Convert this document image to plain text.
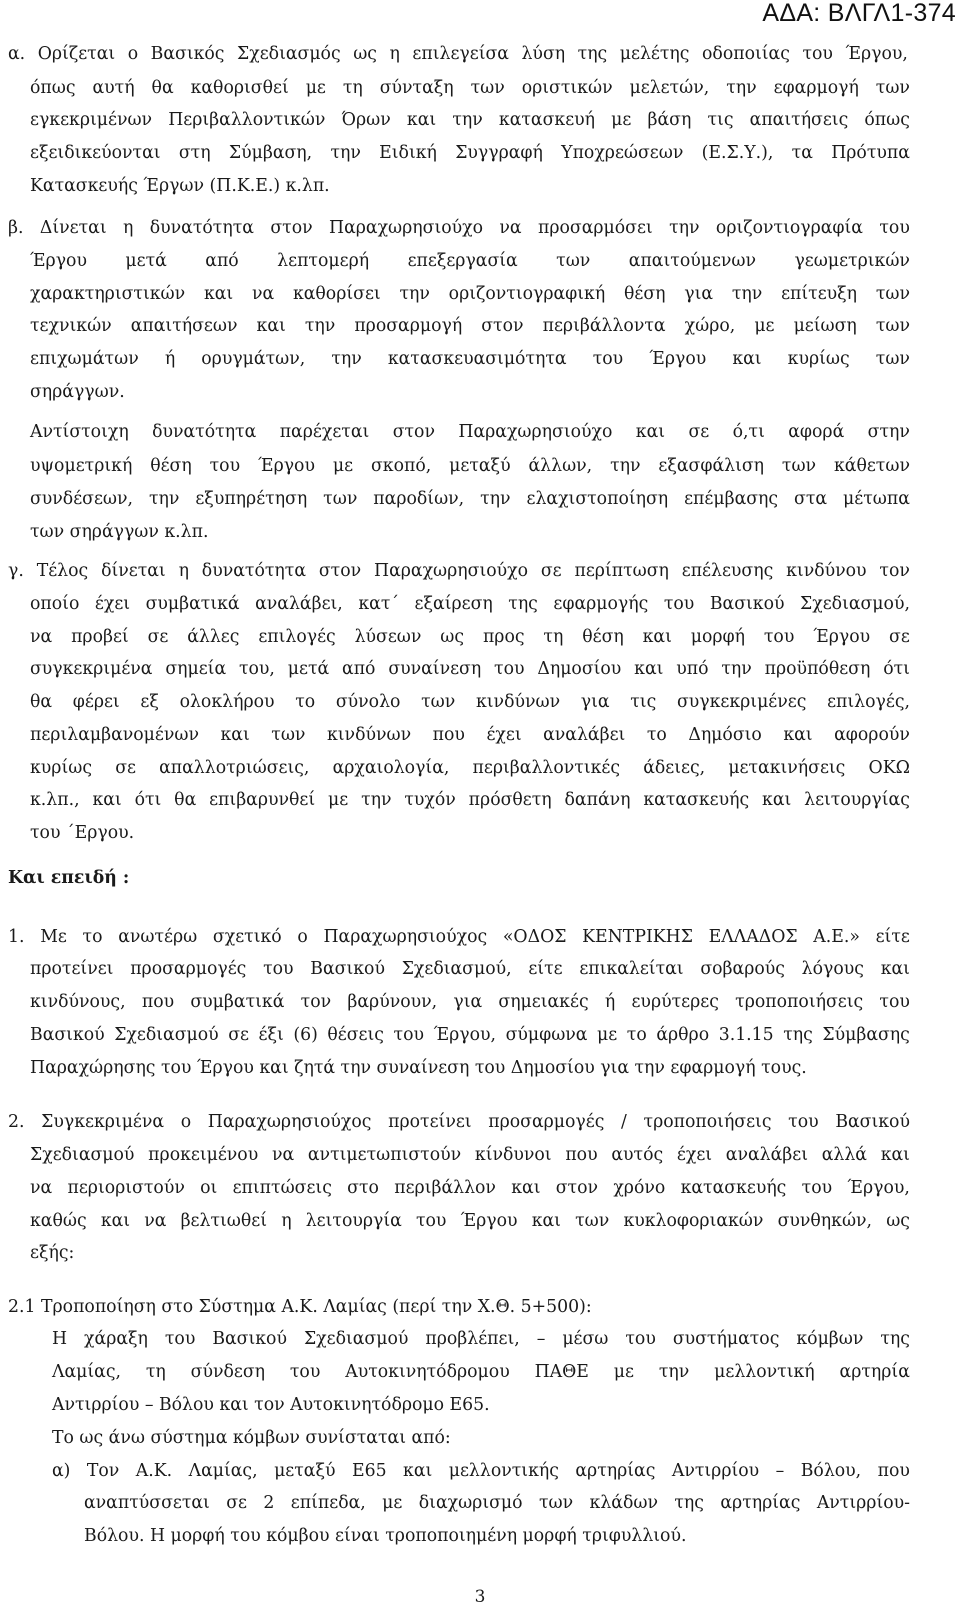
ΑΔΑ: ΒΛΓΛ1-374
α. Ορίζεται ο Βασικός Σχεδιασμός ως η επιλεγείσα λύση της μελέτης οδοποιίας του Έργου,
όπως αυτή θα καθορισθεί με τη σύνταξη των οριστικών μελετών, την εφαρμογή των
εγκεκριμένων Περιβαλλοντικών Όρων και την κατασκευή με βάση τις απαιτήσεις όπως
εξειδικεύονται στη Σύμβαση, την Ειδική Συγγραφή Υποχρεώσεων (Ε.Σ.Υ.), τα Πρότυπα
Κατασκευής Έργων (Π.Κ.Ε.) κ.λπ.
β. Δίνεται η δυνατότητα στον Παραχωρησιούχο να προσαρμόσει την οριζοντιογραφία του
Έργου μετά από λεπτομερή επεξεργασία των απαιτούμενων γεωμετρικών
χαρακτηριστικών και να καθορίσει την οριζοντιογραφική θέση για την επίτευξη των
τεχνικών απαιτήσεων και την προσαρμογή στον περιβάλλοντα χώρο, με μείωση των
επιχωμάτων ή ορυγμάτων, την κατασκευασιμότητα του Έργου και κυρίως των
σηράγγων.
Αντίστοιχη δυνατότητα παρέχεται στον Παραχωρησιούχο και σε ό,τι αφορά στην
υψομετρική θέση του Έργου με σκοπό, μεταξύ άλλων, την εξασφάλιση των κάθετων
συνδέσεων, την εξυπηρέτηση των παροδίων, την ελαχιστοποίηση επέμβασης στα μέτωπα
των σηράγγων κ.λπ.
γ. Τέλος δίνεται η δυνατότητα στον Παραχωρησιούχο σε περίπτωση επέλευσης κινδύνου τον
οποίο έχει συμβατικά αναλάβει, κατ΄ εξαίρεση της εφαρμογής του Βασικού Σχεδιασμού,
να προβεί σε άλλες επιλογές λύσεων ως προς τη θέση και μορφή του Έργου σε
συγκεκριμένα σημεία του, μετά από συναίνεση του Δημοσίου και υπό την προϋπόθεση ότι
θα φέρει εξ ολοκλήρου το σύνολο των κινδύνων για τις συγκεκριμένες επιλογές,
περιλαμβανομένων και των κινδύνων που έχει αναλάβει το Δημόσιο και αφορούν
κυρίως σε απαλλοτριώσεις, αρχαιολογία, περιβαλλοντικές άδειες, μετακινήσεις ΟΚΩ
κ.λπ., και ότι θα επιβαρυνθεί με την τυχόν πρόσθετη δαπάνη κατασκευής και λειτουργίας
του ΄Εργου.
Και επειδή :
1. Με το ανωτέρω σχετικό ο Παραχωρησιούχος «ΟΔΟΣ ΚΕΝΤΡΙΚΗΣ ΕΛΛΑΔΟΣ Α.Ε.» είτε
προτείνει προσαρμογές του Βασικού Σχεδιασμού, είτε επικαλείται σοβαρούς λόγους και
κινδύνους, που συμβατικά τον βαρύνουν, για σημειακές ή ευρύτερες τροποποιήσεις του
Βασικού Σχεδιασμού σε έξι (6) θέσεις του Έργου, σύμφωνα με το άρθρο 3.1.15 της Σύμβασης
Παραχώρησης του Έργου και ζητά την συναίνεση του Δημοσίου για την εφαρμογή τους.
2. Συγκεκριμένα ο Παραχωρησιούχος προτείνει προσαρμογές / τροποποιήσεις του Βασικού
Σχεδιασμού προκειμένου να αντιμετωπιστούν κίνδυνοι που αυτός έχει αναλάβει αλλά και
να περιοριστούν οι επιπτώσεις στο περιβάλλον και στον χρόνο κατασκευής του Έργου,
καθώς και να βελτιωθεί η λειτουργία του Έργου και των κυκλοφοριακών συνθηκών, ως
εξής:
2.1 Τροποποίηση στο Σύστημα Α.Κ. Λαμίας (περί την Χ.Θ. 5+500):
Η χάραξη του Βασικού Σχεδιασμού προβλέπει, – μέσω του συστήματος κόμβων της
Λαμίας, τη σύνδεση του Αυτοκινητόδρομου ΠΑΘΕ με την μελλοντική αρτηρία
Αντιρρίου – Βόλου και τον Αυτοκινητόδρομο Ε65.
Το ως άνω σύστημα κόμβων συνίσταται από:
α) Τον Α.Κ. Λαμίας, μεταξύ Ε65 και μελλοντικής αρτηρίας Αντιρρίου – Βόλου, που
αναπτύσσεται σε 2 επίπεδα, με διαχωρισμό των κλάδων της αρτηρίας Αντιρρίου-
Βόλου. Η μορφή του κόμβου είναι τροποποιημένη μορφή τριφυλλιού.
3
